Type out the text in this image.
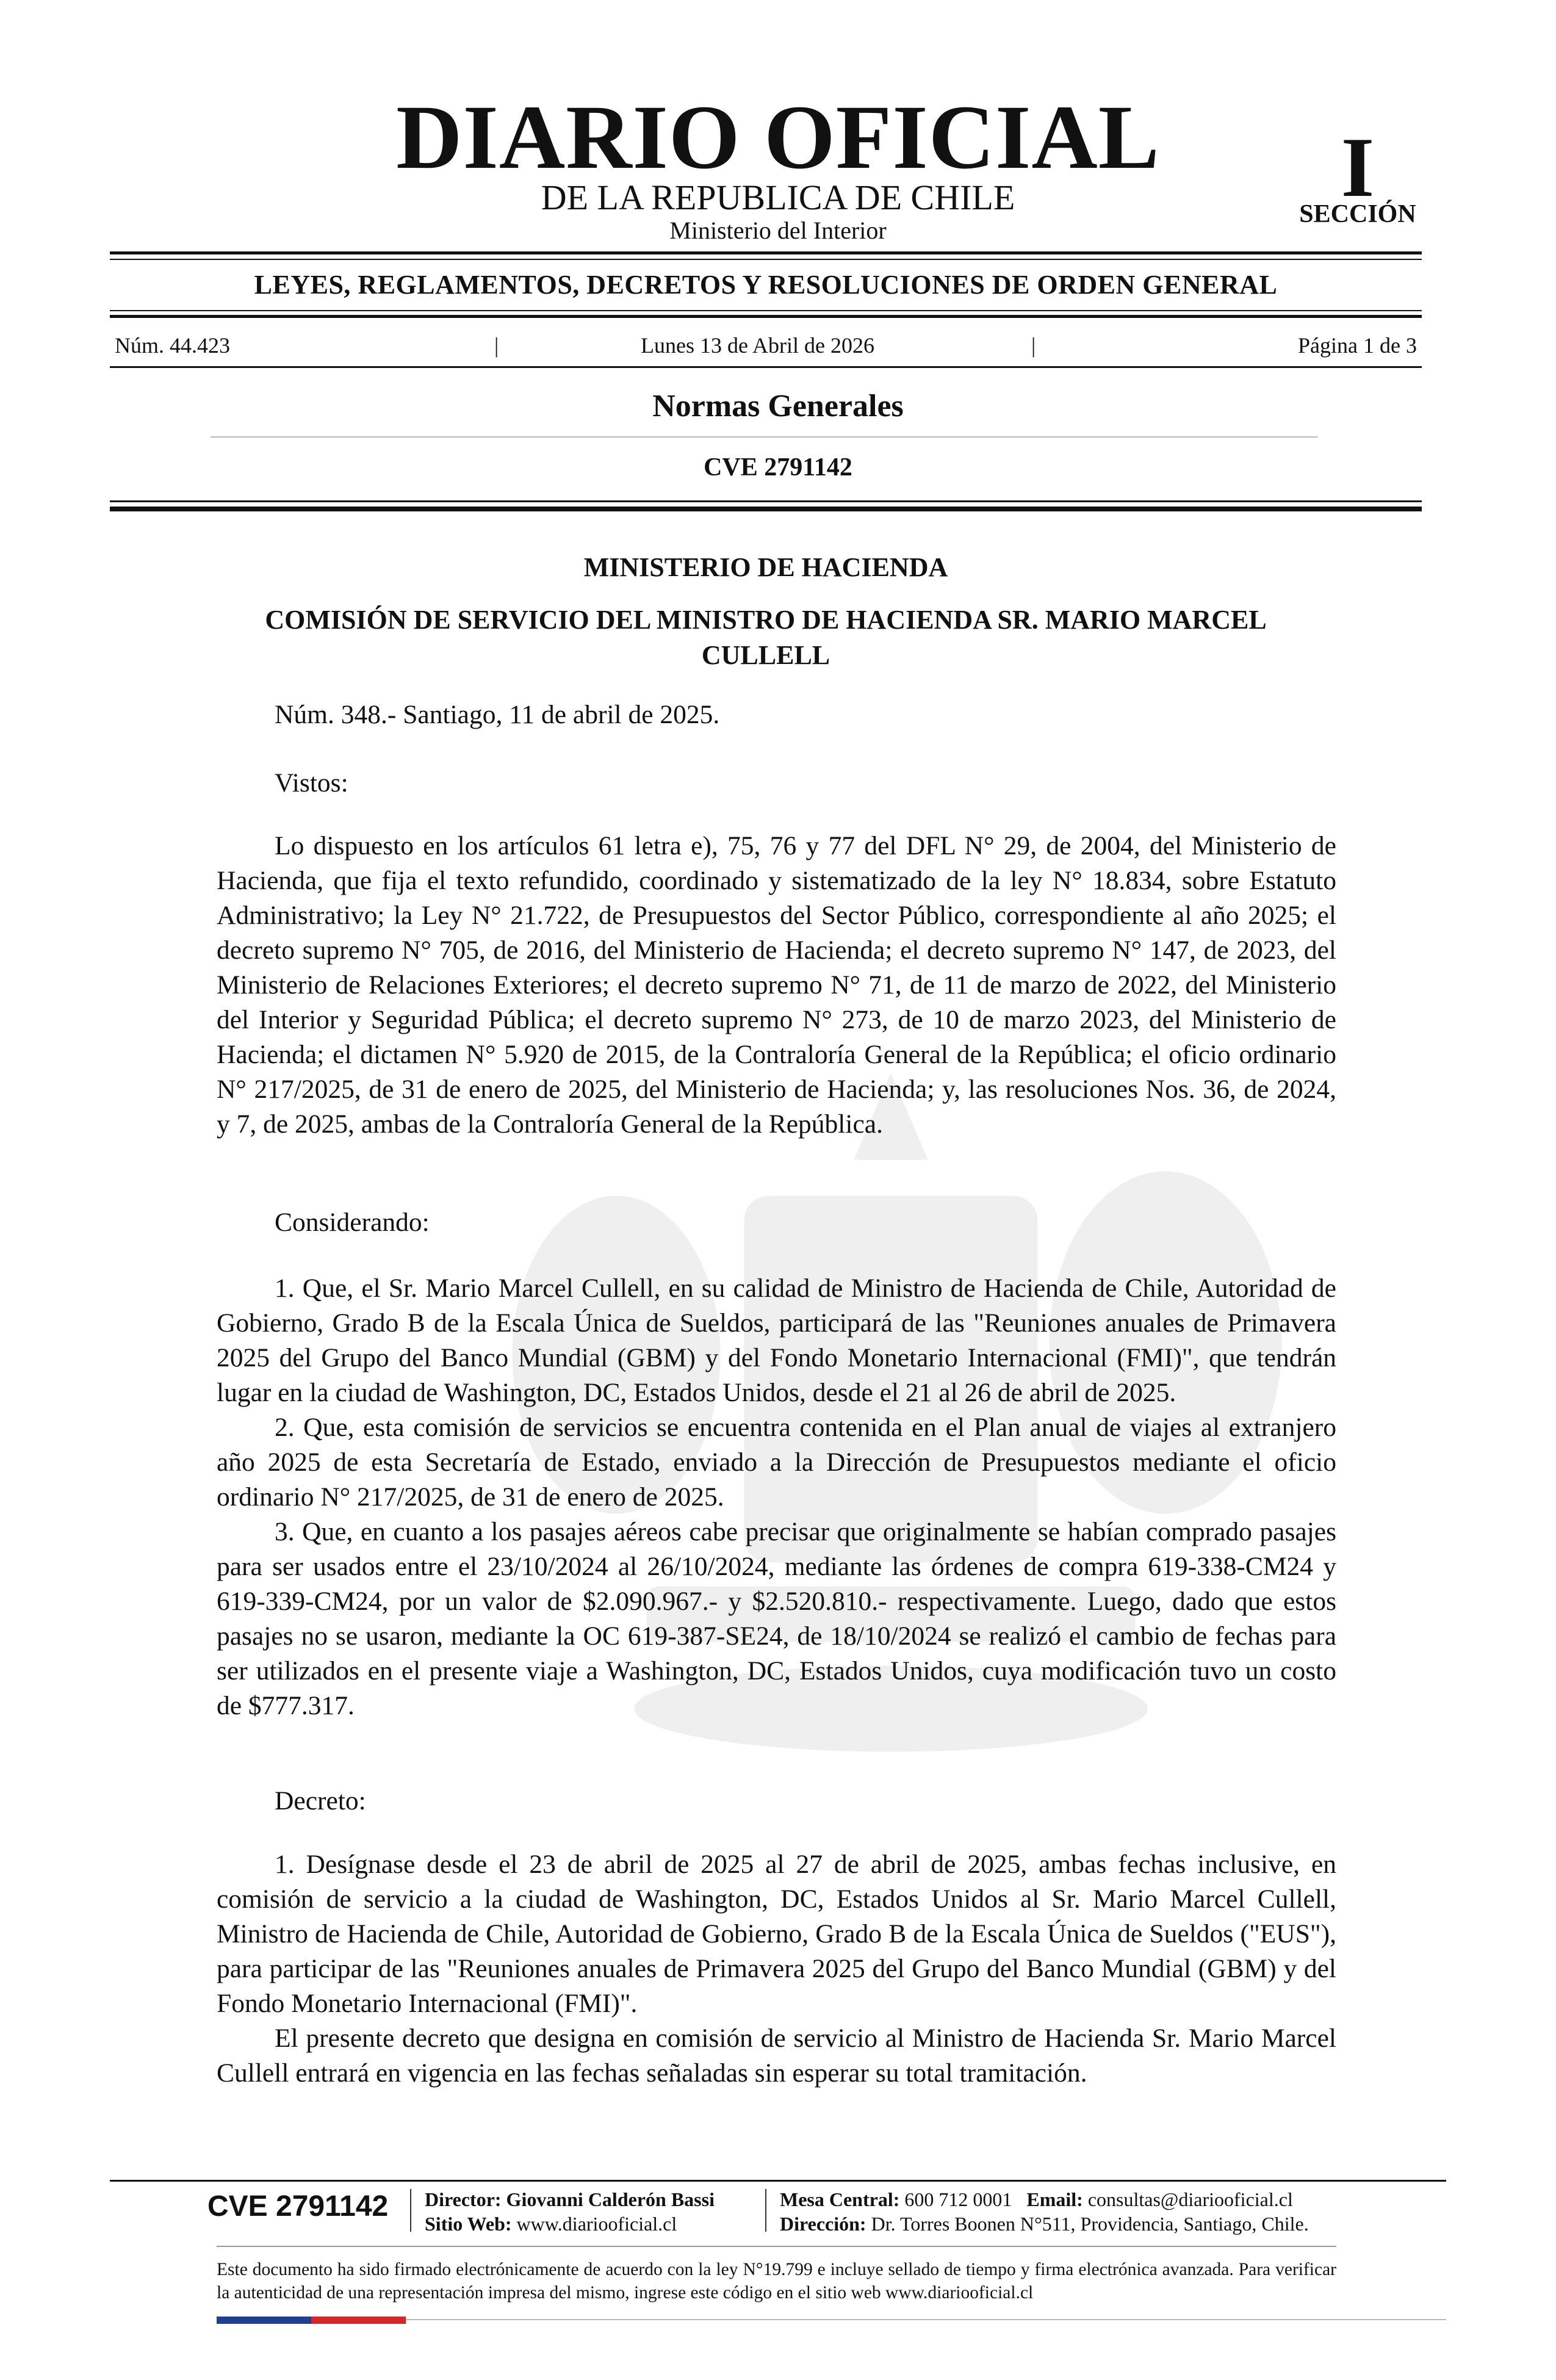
DIARIO OFICIAL
DE LA REPUBLICA DE CHILE
Ministerio del Interior
I
SECCIÓN
LEYES, REGLAMENTOS, DECRETOS Y RESOLUCIONES DE ORDEN GENERAL
Núm. 44.423	|	Lunes 13 de Abril de 2026	|	Página 1 de 3
Normas Generales
CVE 2791142
MINISTERIO DE HACIENDA
COMISIÓN DE SERVICIO DEL MINISTRO DE HACIENDA SR. MARIO MARCEL CULLELL
Núm. 348.- Santiago, 11 de abril de 2025.
Vistos:

Lo dispuesto en los artículos 61 letra e), 75, 76 y 77 del DFL N° 29, de 2004, del Ministerio de Hacienda, que fija el texto refundido, coordinado y sistematizado de la ley N° 18.834, sobre Estatuto Administrativo; la Ley N° 21.722, de Presupuestos del Sector Público, correspondiente al año 2025; el decreto supremo N° 705, de 2016, del Ministerio de Hacienda; el decreto supremo N° 147, de 2023, del Ministerio de Relaciones Exteriores; el decreto supremo N° 71, de 11 de marzo de 2022, del Ministerio del Interior y Seguridad Pública; el decreto supremo N° 273, de 10 de marzo 2023, del Ministerio de Hacienda; el dictamen N° 5.920 de 2015, de la Contraloría General de la República; el oficio ordinario N° 217/2025, de 31 de enero de 2025, del Ministerio de Hacienda; y, las resoluciones Nos. 36, de 2024, y 7, de 2025, ambas de la Contraloría General de la República.

Considerando:

1. Que, el Sr. Mario Marcel Cullell, en su calidad de Ministro de Hacienda de Chile, Autoridad de Gobierno, Grado B de la Escala Única de Sueldos, participará de las "Reuniones anuales de Primavera 2025 del Grupo del Banco Mundial (GBM) y del Fondo Monetario Internacional (FMI)", que tendrán lugar en la ciudad de Washington, DC, Estados Unidos, desde el 21 al 26 de abril de 2025.

2. Que, esta comisión de servicios se encuentra contenida en el Plan anual de viajes al extranjero año 2025 de esta Secretaría de Estado, enviado a la Dirección de Presupuestos mediante el oficio ordinario N° 217/2025, de 31 de enero de 2025.

3. Que, en cuanto a los pasajes aéreos cabe precisar que originalmente se habían comprado pasajes para ser usados entre el 23/10/2024 al 26/10/2024, mediante las órdenes de compra 619-338-CM24 y 619-339-CM24, por un valor de $2.090.967.- y $2.520.810.- respectivamente. Luego, dado que estos pasajes no se usaron, mediante la OC 619-387-SE24, de 18/10/2024 se realizó el cambio de fechas para ser utilizados en el presente viaje a Washington, DC, Estados Unidos, cuya modificación tuvo un costo de $777.317.

Decreto:

1. Desígnase desde el 23 de abril de 2025 al 27 de abril de 2025, ambas fechas inclusive, en comisión de servicio a la ciudad de Washington, DC, Estados Unidos al Sr. Mario Marcel Cullell, Ministro de Hacienda de Chile, Autoridad de Gobierno, Grado B de la Escala Única de Sueldos ("EUS"), para participar de las "Reuniones anuales de Primavera 2025 del Grupo del Banco Mundial (GBM) y del Fondo Monetario Internacional (FMI)".

El presente decreto que designa en comisión de servicio al Ministro de Hacienda Sr. Mario Marcel Cullell entrará en vigencia en las fechas señaladas sin esperar su total tramitación.

CVE 2791142 Director: Giovanni Calderón Bassi
Sitio Web: www.diariooficial.cl
Mesa Central: 600 712 0001 Email: consultas@diariooficial.cl
Dirección: Dr. Torres Boonen N°511, Providencia, Santiago, Chile.
Este documento ha sido firmado electrónicamente de acuerdo con la ley N°19.799 e incluye sellado de tiempo y firma electrónica avanzada. Para verificar la autenticidad de una representación impresa del mismo, ingrese este código en el sitio web www.diariooficial.cl
